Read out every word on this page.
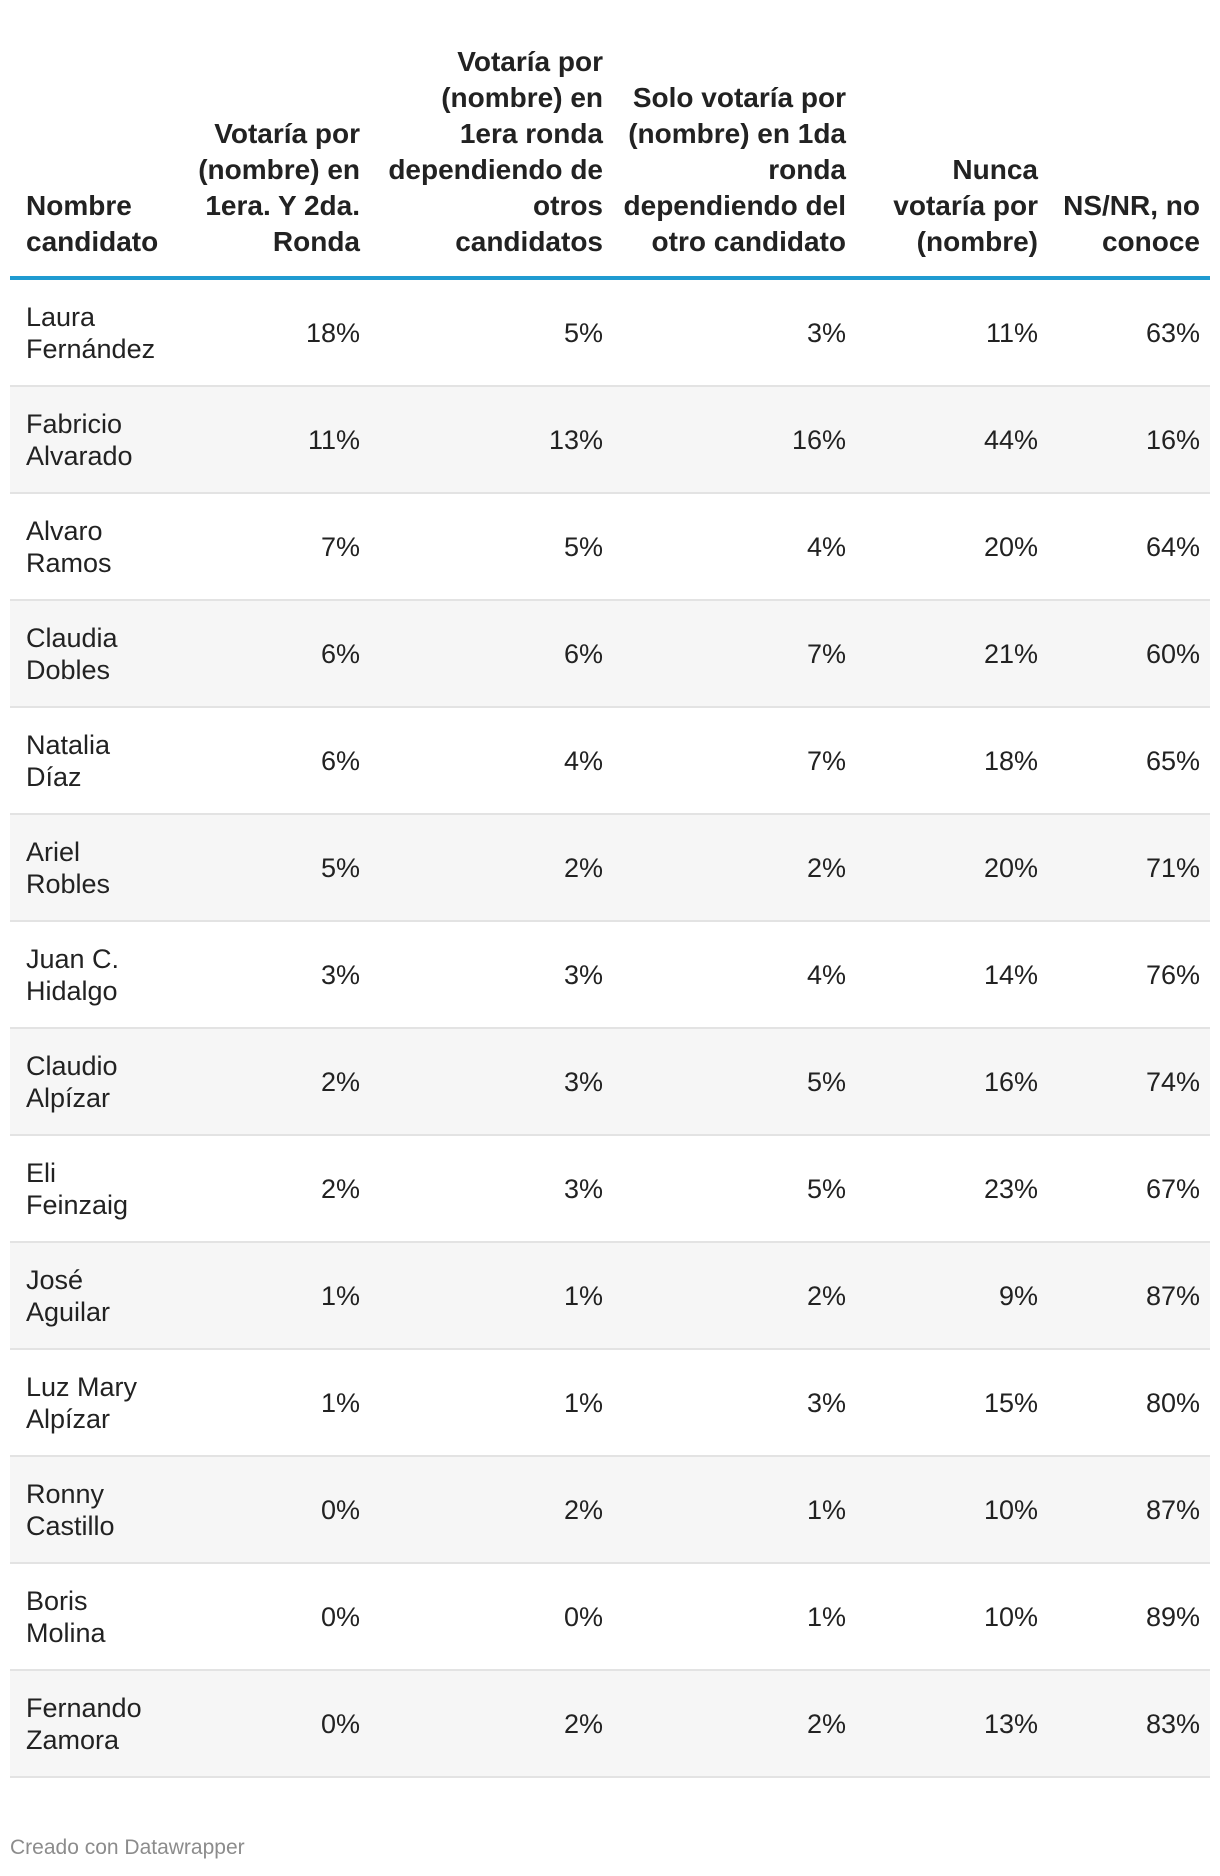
Nombre candidato	Votaría por (nombre) en 1era. Y 2da. Ronda	Votaría por (nombre) en 1era ronda dependiendo de otros candidatos	Solo votaría por (nombre) en 1da ronda dependiendo del otro candidato	Nunca votaría por (nombre)	NS/NR, no conoce
Laura Fernández	18%	5%	3%	11%	63%
Fabricio Alvarado	11%	13%	16%	44%	16%
Alvaro Ramos	7%	5%	4%	20%	64%
Claudia Dobles	6%	6%	7%	21%	60%
Natalia Díaz	6%	4%	7%	18%	65%
Ariel Robles	5%	2%	2%	20%	71%
Juan C. Hidalgo	3%	3%	4%	14%	76%
Claudio Alpízar	2%	3%	5%	16%	74%
Eli Feinzaig	2%	3%	5%	23%	67%
José Aguilar	1%	1%	2%	9%	87%
Luz Mary Alpízar	1%	1%	3%	15%	80%
Ronny Castillo	0%	2%	1%	10%	87%
Boris Molina	0%	0%	1%	10%	89%
Fernando Zamora	0%	2%	2%	13%	83%
Creado con Datawrapper
